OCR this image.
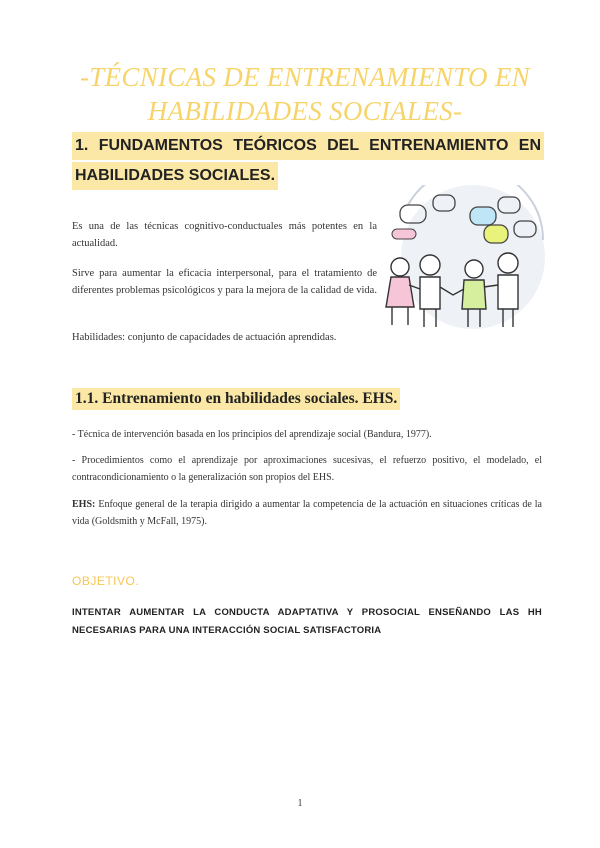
-TÉCNICAS DE ENTRENAMIENTO EN
HABILIDADES SOCIALES-
1. FUNDAMENTOS TEÓRICOS DEL ENTRENAMIENTO EN
HABILIDADES SOCIALES.
Es una de las técnicas cognitivo-conductuales más potentes en la actualidad.
Sirve para aumentar la eficacia interpersonal, para el tratamiento de diferentes problemas psicológicos y para la mejora de la calidad de vida.
Habilidades: conjunto de capacidades de actuación aprendidas.
1.1. Entrenamiento en habilidades sociales. EHS.
- Técnica de intervención basada en los principios del aprendizaje social (Bandura, 1977).
- Procedimientos como el aprendizaje por aproximaciones sucesivas, el refuerzo positivo, el modelado, el contracondicionamiento o la generalización son propios del EHS.
EHS: Enfoque general de la terapia dirigido a aumentar la competencia de la actuación en situaciones críticas de la vida (Goldsmith y McFall, 1975).
OBJETIVO.
INTENTAR AUMENTAR LA CONDUCTA ADAPTATIVA Y PROSOCIAL ENSEÑANDO LAS HH NECESARIAS PARA UNA INTERACCIÓN SOCIAL SATISFACTORIA
1
